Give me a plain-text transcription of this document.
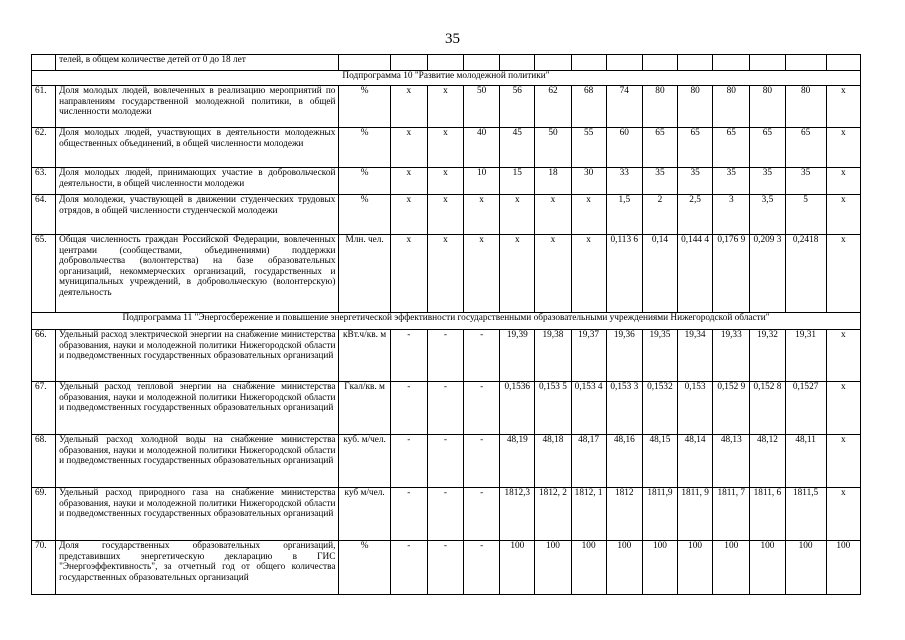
35
	телей, в общем количестве детей от 0 до 18 лет														
Подпрограмма 10 "Развитие молодежной политики"															
61.	Доля молодых людей, вовлеченных в реализацию мероприятий по направлениям государственной молодежной политики, в общей численности молодежи	%	х	х	50	56	62	68	74	80	80	80	80	80	х
62.	Доля молодых людей, участвующих в деятельности молодежных общественных объединений, в общей численности молодежи	%	х	х	40	45	50	55	60	65	65	65	65	65	х
63.	Доля молодых людей, принимающих участие в добровольческой деятельности, в общей численности молодежи	%	х	х	10	15	18	30	33	35	35	35	35	35	х
64.	Доля молодежи, участвующей в движении студенческих трудовых отрядов, в общей численности студенческой молодежи	%	х	х	х	х	х	х	1,5	2	2,5	3	3,5	5	х
65.	Общая численность граждан Российской Федерации, вовлеченных центрами (сообществами, объединениями) поддержки добровольчества (волонтерства) на базе образовательных организаций, некоммерческих организаций, государственных и муниципальных учреждений, в добровольческую (волонтерскую) деятельность	Млн. чел.	х	х	х	х	х	х	0,113 6	0,14	0,144 4	0,176 9	0,209 3	0,2418	х
Подпрограмма 11 "Энергосбережение и повышение энергетической эффективности государственными образовательными учреждениями Нижегородской области"															
66.	Удельный расход электрической энергии на снабжение министерства образования, науки и молодежной политики Нижегородской области и подведомственных государственных образовательных организаций	кВт.ч/кв. м	-	-	-	19,39	19,38	19,37	19,36	19,35	19,34	19,33	19,32	19,31	х
67.	Удельный расход тепловой энергии на снабжение министерства образования, науки и молодежной политики Нижегородской области и подведомственных государственных образовательных организаций	Гкал/кв. м	-	-	-	0,1536	0,153 5	0,153 4	0,153 3	0,1532	0,153	0,152 9	0,152 8	0,1527	х
68.	Удельный расход холодной воды на снабжение министерства образования, науки и молодежной политики Нижегородской области и подведомственных государственных образовательных организаций	куб. м/чел.	-	-	-	48,19	48,18	48,17	48,16	48,15	48,14	48,13	48,12	48,11	х
69.	Удельный расход природного газа на снабжение министерства образования, науки и молодежной политики Нижегородской области и подведомственных государственных образовательных организаций	куб м/чел.	-	-	-	1812,3	1812, 2	1812, 1	1812	1811,9	1811, 9	1811, 7	1811, 6	1811,5	х
70.	Доля государственных образовательных организаций, представивших энергетическую декларацию в ГИС "Энергоэффективность", за отчетный год от общего количества государственных образовательных организаций	%	-	-	-	100	100	100	100	100	100	100	100	100	100
